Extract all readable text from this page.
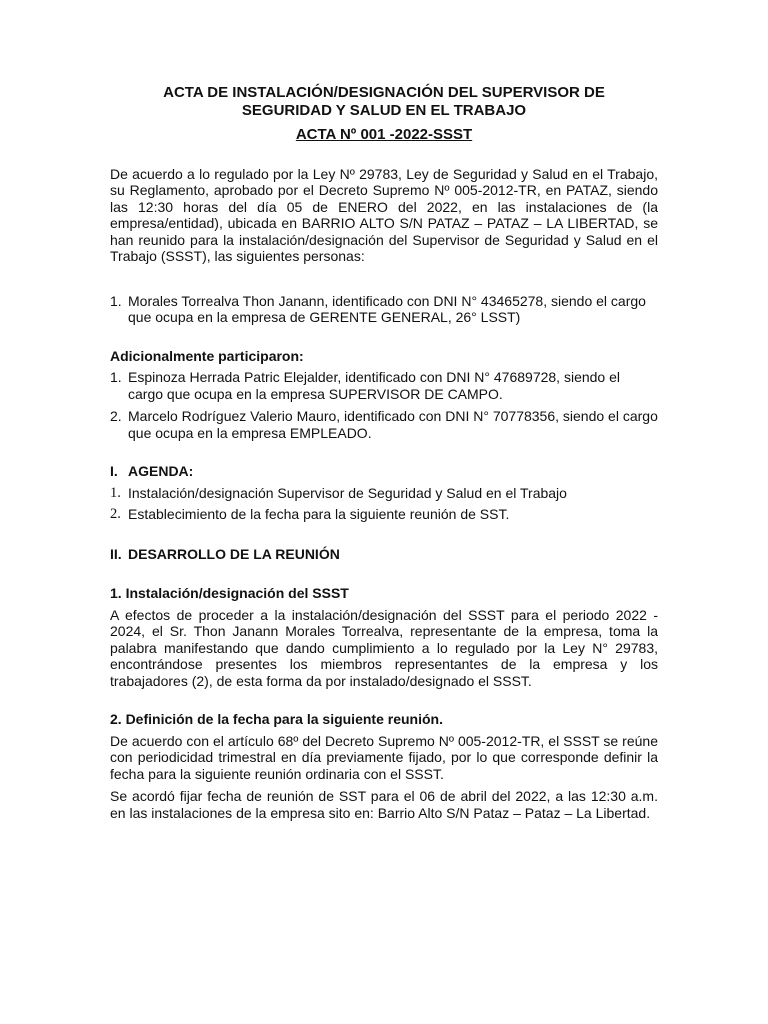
ACTA DE INSTALACIÓN/DESIGNACIÓN DEL SUPERVISOR DE

SEGURIDAD Y SALUD EN EL TRABAJO

ACTA Nº 001 -2022-SSST

De acuerdo a lo regulado por la Ley Nº 29783, Ley de Seguridad y Salud en el Trabajo, su Reglamento, aprobado por el Decreto Supremo Nº 005-2012-TR, en PATAZ, siendo las 12:30 horas del día 05 de ENERO del 2022, en las instalaciones de (la empresa/entidad), ubicada en BARRIO ALTO S/N PATAZ – PATAZ – LA LIBERTAD, se han reunido para la instalación/designación del Supervisor de Seguridad y Salud en el Trabajo (SSST), las siguientes personas:

1. Morales Torrealva Thon Janann, identificado con DNI N° 43465278, siendo el cargo que ocupa en la empresa de GERENTE GENERAL, 26° LSST)
Adicionalmente participaron:
1. Espinoza Herrada Patric Elejalder, identificado con DNI N° 47689728, siendo el cargo que ocupa en la empresa SUPERVISOR DE CAMPO.
2. Marcelo Rodríguez Valerio Mauro, identificado con DNI N° 70778356, siendo el cargo que ocupa en la empresa EMPLEADO.
I. AGENDA:
1. Instalación/designación Supervisor de Seguridad y Salud en el Trabajo
2. Establecimiento de la fecha para la siguiente reunión de SST.
II. DESARROLLO DE LA REUNIÓN
1. Instalación/designación del SSST

A efectos de proceder a la instalación/designación del SSST para el periodo 2022 - 2024, el Sr. Thon Janann Morales Torrealva, representante de la empresa, toma la palabra manifestando que dando cumplimiento a lo regulado por la Ley N° 29783, encontrándose presentes los miembros representantes de la empresa y los trabajadores (2), de esta forma da por instalado/designado el SSST.

2. Definición de la fecha para la siguiente reunión.

De acuerdo con el artículo 68º del Decreto Supremo Nº 005-2012-TR, el SSST se reúne con periodicidad trimestral en día previamente fijado, por lo que corresponde definir la fecha para la siguiente reunión ordinaria con el SSST.

Se acordó fijar fecha de reunión de SST para el 06 de abril del 2022, a las 12:30 a.m. en las instalaciones de la empresa sito en: Barrio Alto S/N Pataz – Pataz – La Libertad.
